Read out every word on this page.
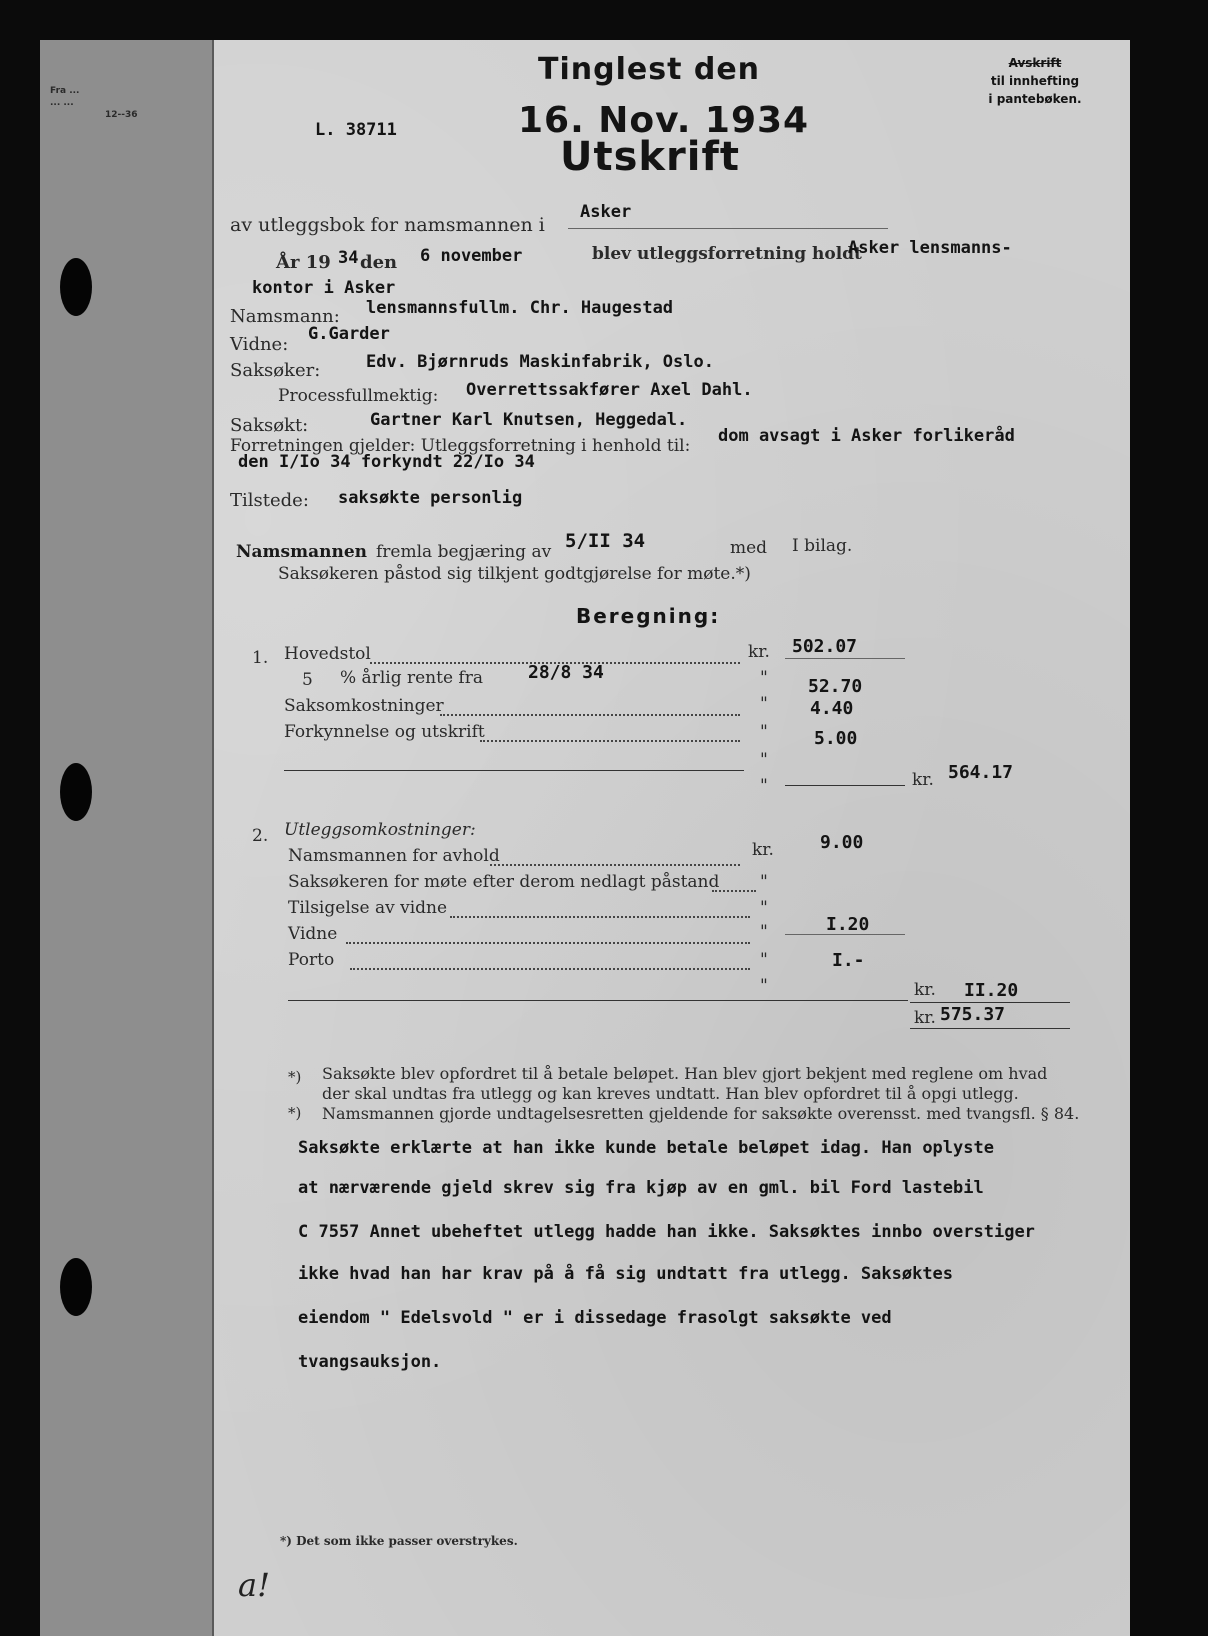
Fra ...
... ...
12--36
Tinglest den
16. Nov. 1934
Avskrift
til innhefting
i pantebøken.
L. 38711
Utskrift
av utleggsbok for namsmannen i
Asker
År 19 34 den 6 november	blev utleggsforretning holdt
Asker lensmanns-
kontor i Asker
Namsmann: lensmannsfullm. Chr. Haugestad
Vidne: G.Garder
Saksøker:	Edv. Bjørnruds Maskinfabrik, Oslo.
Processfullmektig: Overrettssakfører Axel Dahl.
Saksøkt:	Gartner Karl Knutsen, Heggedal.
Forretningen gjelder: Utleggsforretning i henhold til: dom avsagt i Asker forlikeråd
den I/Io 34 forkyndt 22/Io 34
Tilstede: saksøkte personlig
Namsmannen fremla begjæring av 5/II 34	med I bilag.
Saksøkeren påstod sig tilkjent godtgjørelse for møte.*)
Beregning:
1. Hovedstol	kr. 502.07
5 % årlig rente fra	28/8 34	" 52.70
Saksomkostninger	" 4.40
Forkynnelse og utskrift	"	5.00
"
"	kr. 564.17
2. Utleggsomkostninger:
Namsmannen for avhold	kr.	9.00
Saksøkeren for møte efter derom nedlagt påstand "
Tilsigelse av vidne	"
Vidne	"	I.20
Porto	"	I.-
"	kr. II.20
kr. 575.37
*) Saksøkte blev opfordret til å betale beløpet. Han blev gjort bekjent med reglene om hvad
der skal undtas fra utlegg og kan kreves undtatt. Han blev opfordret til å opgi utlegg.
*) Namsmannen gjorde undtagelsesretten gjeldende for saksøkte overensst. med tvangsfl. § 84.
Saksøkte erklærte at han ikke kunde betale beløpet idag. Han oplyste
at nærværende gjeld skrev sig fra kjøp av en gml. bil Ford lastebil
C 7557 Annet ubeheftet utlegg hadde han ikke. Saksøktes innbo overstiger
ikke hvad han har krav på å få sig undtatt fra utlegg. Saksøktes
eiendom " Edelsvold " er i dissedage frasolgt saksøkte ved
tvangsauksjon.
*) Det som ikke passer overstrykes.
a!
